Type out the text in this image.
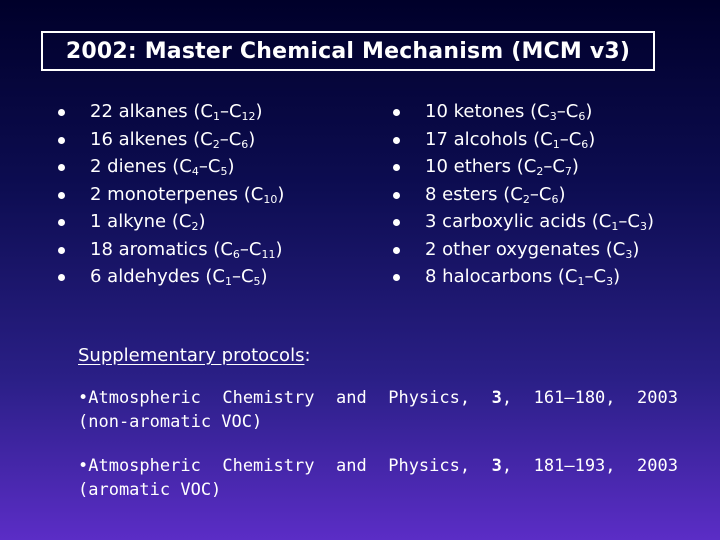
2002: Master Chemical Mechanism (MCM v3)
22 alkanes $(C_1-C_{12})$
16 alkenes $(C_2-C_6)$
2 dienes $(C_4-C_5)$
2 monoterpenes $(C_{10})$
1 alkyne $(C_2)$
18 aromatics $(C_6-C_{11})$
6 aldehydes $(C_1-C_5)$
10 ketones $(C_3-C_6)$
17 alcohols $(C_1-C_6)$
10 ethers $(C_2-C_7)$
8 esters $(C_2-C_6)$
3 carboxylic acids $(C_1-C_3)$
2 other oxygenates $(C_3)$
8 halocarbons $(C_1-C_3)$
Supplementary protocols:
•Atmospheric Chemistry and Physics, 3, 161–180, 2003
(non-aromatic VOC)
•Atmospheric Chemistry and Physics, 3, 181–193, 2003
(aromatic VOC)
